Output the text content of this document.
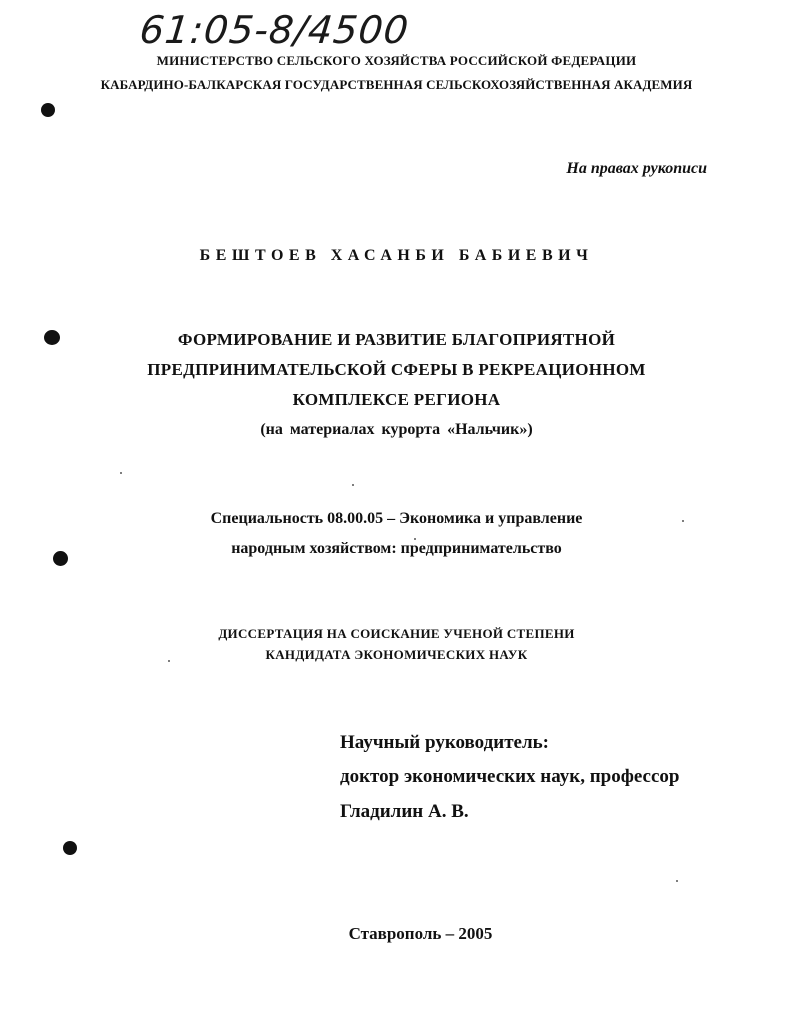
61:05-8/4500
МИНИСТЕРСТВО СЕЛЬСКОГО ХОЗЯЙСТВА РОССИЙСКОЙ ФЕДЕРАЦИИ
КАБАРДИНО-БАЛКАРСКАЯ ГОСУДАРСТВЕННАЯ СЕЛЬСКОХОЗЯЙСТВЕННАЯ АКАДЕМИЯ
На правах рукописи
БЕШТОЕВ ХАСАНБИ БАБИЕВИЧ
ФОРМИРОВАНИЕ И РАЗВИТИЕ БЛАГОПРИЯТНОЙ
ПРЕДПРИНИМАТЕЛЬСКОЙ СФЕРЫ В РЕКРЕАЦИОННОМ
КОМПЛЕКСЕ РЕГИОНА
(на материалах курорта «Нальчик»)
Специальность 08.00.05 – Экономика и управление
народным хозяйством: предпринимательство
ДИССЕРТАЦИЯ НА СОИСКАНИЕ УЧЕНОЙ СТЕПЕНИ
КАНДИДАТА ЭКОНОМИЧЕСКИХ НАУК
Научный руководитель:
доктор экономических наук, профессор
Гладилин А. В.
Ставрополь – 2005
